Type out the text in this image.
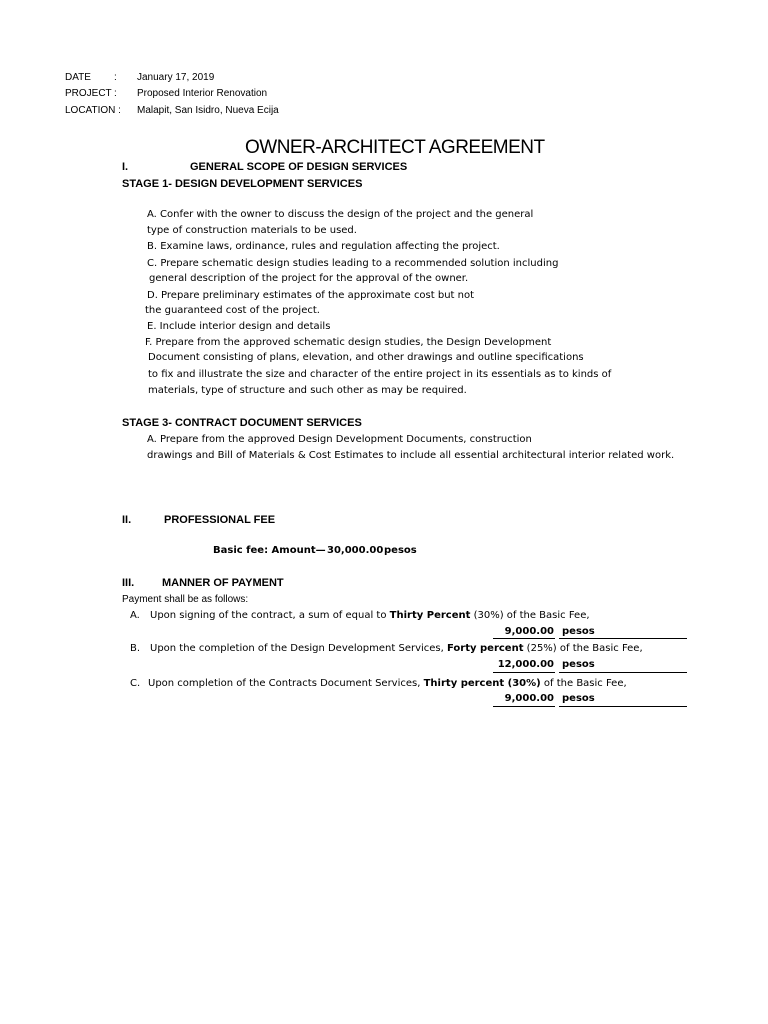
DATE : January 17, 2019
PROJECT : Proposed Interior Renovation
LOCATION : Malapit, San Isidro, Nueva Ecija
OWNER-ARCHITECT AGREEMENT
I.	GENERAL SCOPE OF DESIGN SERVICES
STAGE 1- DESIGN DEVELOPMENT SERVICES
A. Confer with the owner to discuss the design of the project and the general
type of construction materials to be used.
B. Examine laws, ordinance, rules and regulation affecting the project.
C. Prepare schematic design studies leading to a recommended solution including
general description of the project for the approval of the owner.
D. Prepare preliminary estimates of the approximate cost but not
the guaranteed cost of the project.
E. Include interior design and details
F. Prepare from the approved schematic design studies, the Design Development
Document consisting of plans, elevation, and other drawings and outline specifications
to fix and illustrate the size and character of the entire project in its essentials as to kinds of
materials, type of structure and such other as may be required.
STAGE 3- CONTRACT DOCUMENT SERVICES
A. Prepare from the approved Design Development Documents, construction
drawings and Bill of Materials & Cost Estimates to include all essential architectural interior related work.
II.	PROFESSIONAL FEE
Basic fee: Amount— 30,000.00 pesos
III.	MANNER OF PAYMENT
Payment shall be as follows:
A. Upon signing of the contract, a sum of equal to Thirty Percent (30%) of the Basic Fee,
9,000.00 pesos
B. Upon the completion of the Design Development Services, Forty percent (25%) of the Basic Fee,
12,000.00 pesos
C. Upon completion of the Contracts Document Services, Thirty percent (30%) of the Basic Fee,
9,000.00 pesos
